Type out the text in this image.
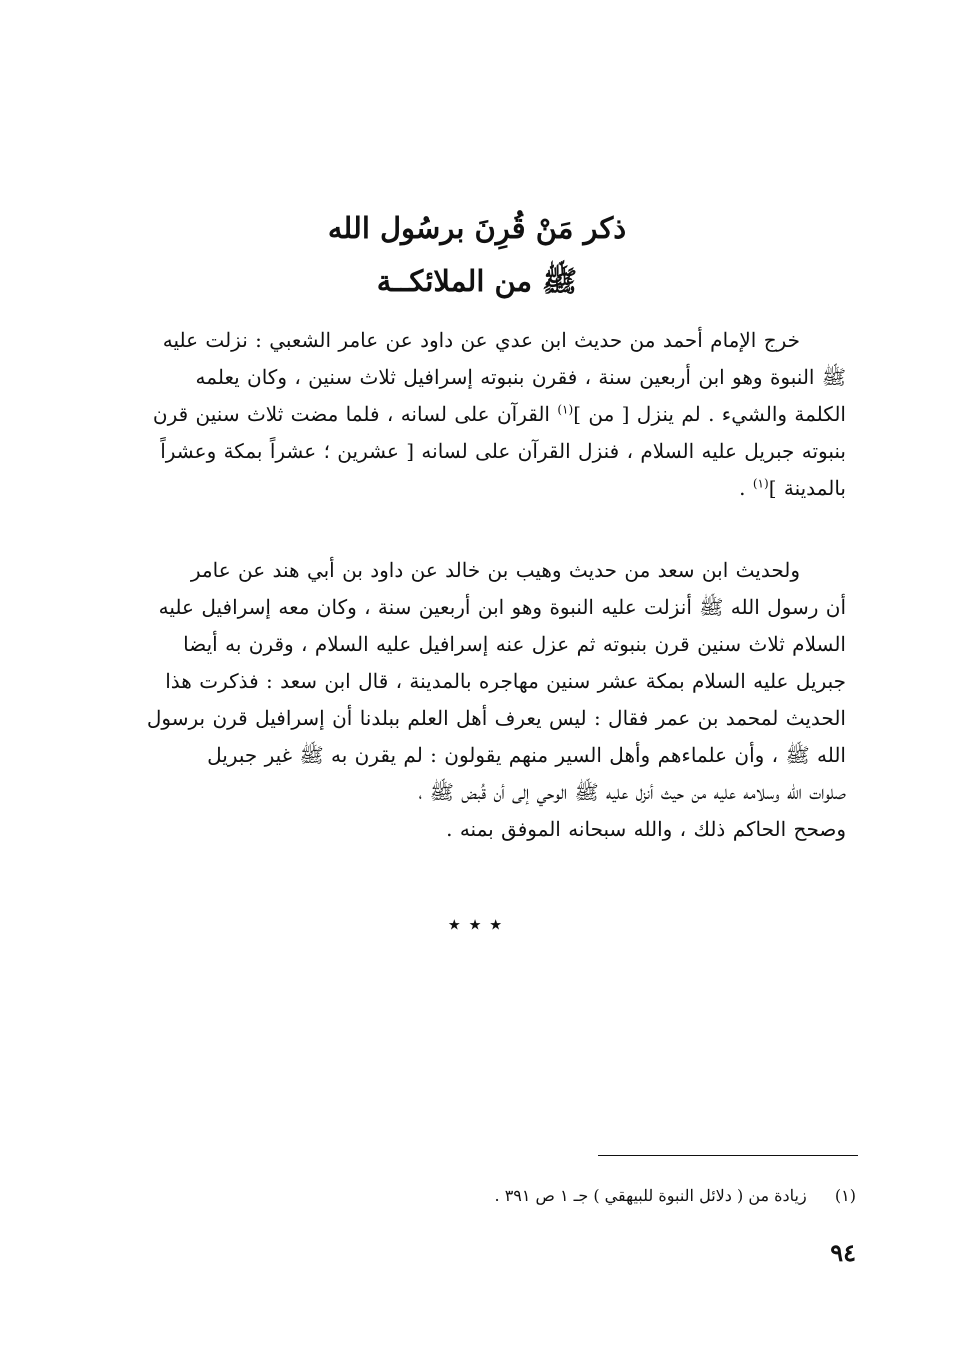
ذكر مَنْ قُرِنَ برسُول الله
ﷺ من الملائكــة
خرج الإمام أحمد من حديث ابن عدي عن داود عن عامر الشعبي : نزلت عليه
ﷺ النبوة وهو ابن أربعين سنة ، فقرن بنبوته إسرافيل ثلاث سنين ، وكان يعلمه
الكلمة والشيء . لم ينزل [ من ]$^{(١)}$ القرآن على لسانه ، فلما مضت ثلاث سنين قرن
بنبوته جبريل عليه السلام ، فنزل القرآن على لسانه [ عشرين ؛ عشراً بمكة وعشراً
بالمدينة ]$^{(١)}$ .
ولحديث ابن سعد من حديث وهيب بن خالد عن داود بن أبي هند عن عامر
أن رسول الله ﷺ أنزلت عليه النبوة وهو ابن أربعين سنة ، وكان معه إسرافيل عليه
السلام ثلاث سنين قرن بنبوته ثم عزل عنه إسرافيل عليه السلام ، وقرن به أيضا
جبريل عليه السلام بمكة عشر سنين مهاجره بالمدينة ، قال ابن سعد : فذكرت هذا
الحديث لمحمد بن عمر فقال : ليس يعرف أهل العلم ببلدنا أن إسرافيل قرن برسول
الله ﷺ ، وأن علماءهم وأهل السير منهم يقولون : لم يقرن به ﷺ غير جبريل
صلوات الله وسلامه عليه من حيث أنزل عليه ﷺ الوحي إلى أن قُبض ﷺ ،
وصحح الحاكم ذلك ، والله سبحانه الموفق بمنه .
٭ ٭ ٭
(١)  زيادة من ( دلائل النبوة للبيهقي ) جـ ١ ص ٣٩١ .
٩٤
